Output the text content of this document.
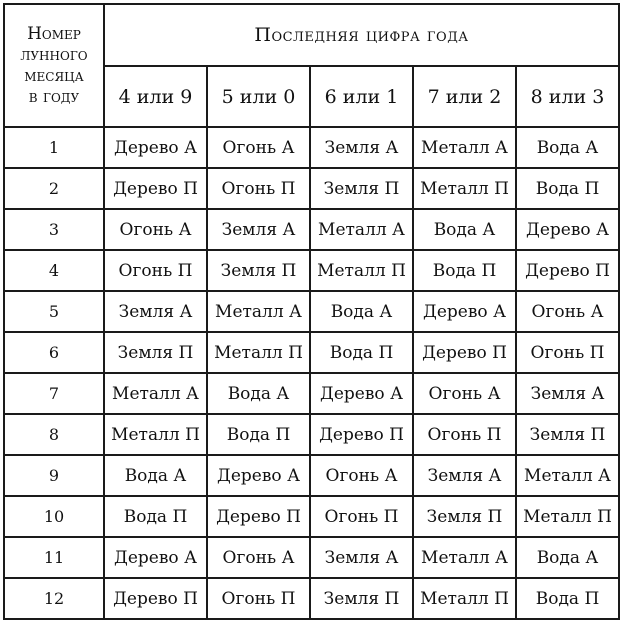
Номер
лунного
месяца
в году	Последняя цифра года				
	4 или 9	5 или 0	6 или 1	7 или 2	8 или 3
1	Дерево А	Огонь А	Земля А	Металл А	Вода А
2	Дерево П	Огонь П	Земля П	Металл П	Вода П
3	Огонь А	Земля А	Металл А	Вода А	Дерево А
4	Огонь П	Земля П	Металл П	Вода П	Дерево П
5	Земля А	Металл А	Вода А	Дерево А	Огонь А
6	Земля П	Металл П	Вода П	Дерево П	Огонь П
7	Металл А	Вода А	Дерево А	Огонь А	Земля А
8	Металл П	Вода П	Дерево П	Огонь П	Земля П
9	Вода А	Дерево А	Огонь А	Земля А	Металл А
10	Вода П	Дерево П	Огонь П	Земля П	Металл П
11	Дерево А	Огонь А	Земля А	Металл А	Вода А
12	Дерево П	Огонь П	Земля П	Металл П	Вода П
